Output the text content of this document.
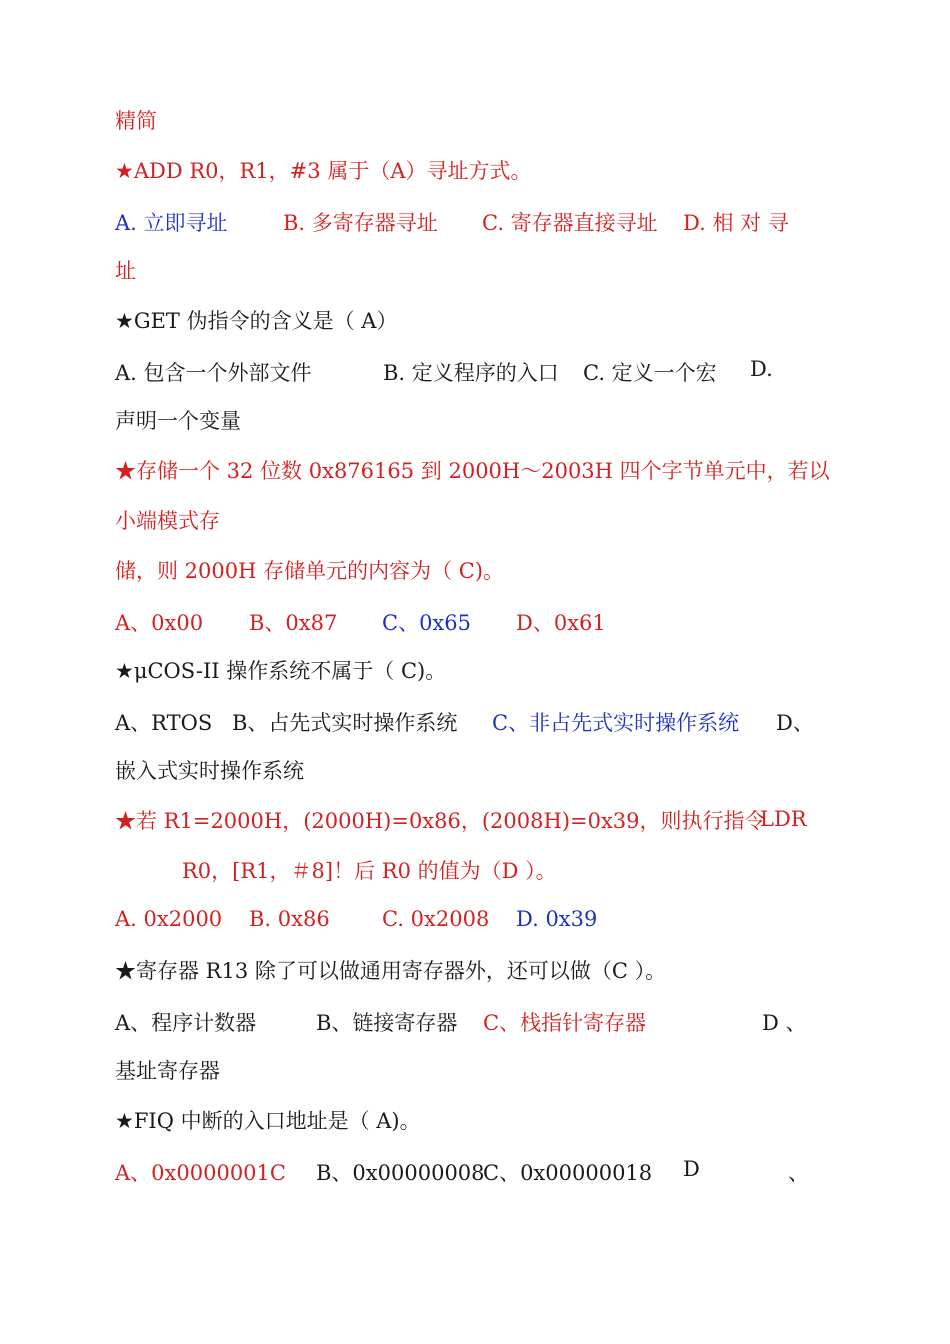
精简
★ADD R0，R1，#3 属于（A）寻址方式。
A. 立即寻址	B. 多寄存器寻址 C. 寄存器直接寻址 D. 相 对 寻
址
★GET 伪指令的含义是（ A）
A. 包含一个外部文件	B. 定义程序的入口 C. 定义一个宏 D.
声明一个变量
★存储一个 32 位数 0x876165 到 2000H～2003H 四个字节单元中，若以
小端模式存
储，则 2000H 存储单元的内容为（ C)。
A、0x00 B、0x87 C、0x65 D、0x61
★μCOS-II 操作系统不属于（ C)。
A、RTOS B、占先式实时操作系统 C、非占先式实时操作系统 D、
嵌入式实时操作系统
★若 R1=2000H，(2000H)=0x86，(2008H)=0x39，则执行指令
LDR
R0，[R1，＃8]！后 R0 的值为（D ）。
A. 0x2000 B. 0x86 C. 0x2008 D. 0x39
★寄存器 R13 除了可以做通用寄存器外，还可以做（C ）。
A、程序计数器	B、链接寄存器 C、栈指针寄存器	D 、
基址寄存器
★FIQ 中断的入口地址是（ A)。
A、0x0000001C B、0x00000008
C、0x00000018 D	、
